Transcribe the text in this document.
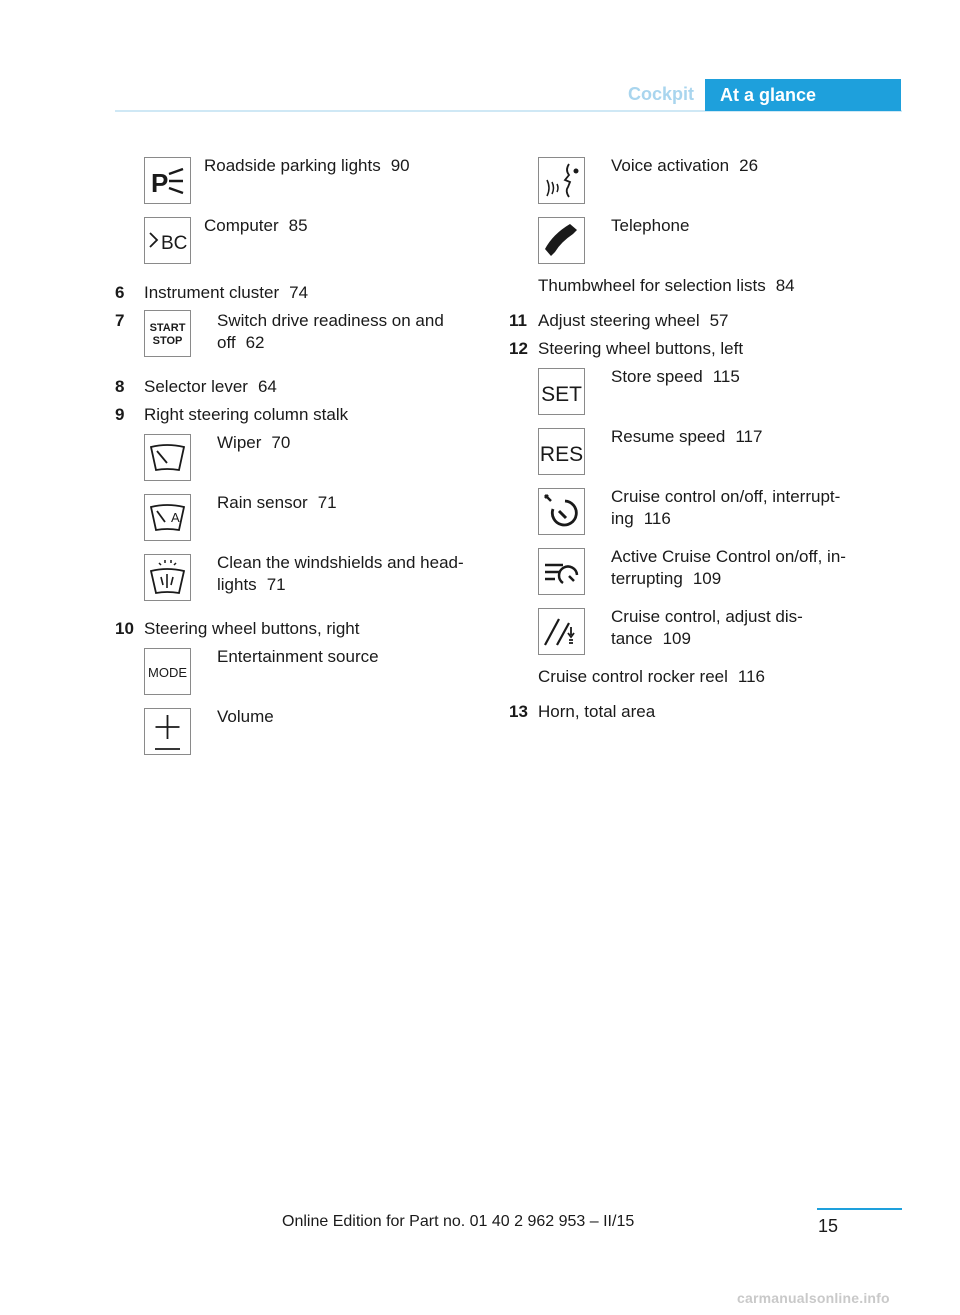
Cockpit	At a glance
P
Roadside parking lights 90
BC
Computer 85
6 Instrument cluster 74
7 START
STOP
Switch drive readiness on and
off 62
8 Selector lever 64
9 Right steering column stalk
Wiper 70
A
Rain sensor 71
Clean the windshields and head-
lights 71
10 Steering wheel buttons, right
MODE
Entertainment source
Volume
Voice activation 26
Telephone
Thumbwheel for selection lists 84
11 Adjust steering wheel 57
12 Steering wheel buttons, left
SET
Store speed 115
RES
Resume speed 117
Cruise control on/off, interrupt-
ing 116
Active Cruise Control on/off, in-
terrupting 109
Cruise control, adjust dis-
tance 109
Cruise control rocker reel 116
13 Horn, total area
Online Edition for Part no. 01 40 2 962 953 – II/15	15
carmanualsonline.info
